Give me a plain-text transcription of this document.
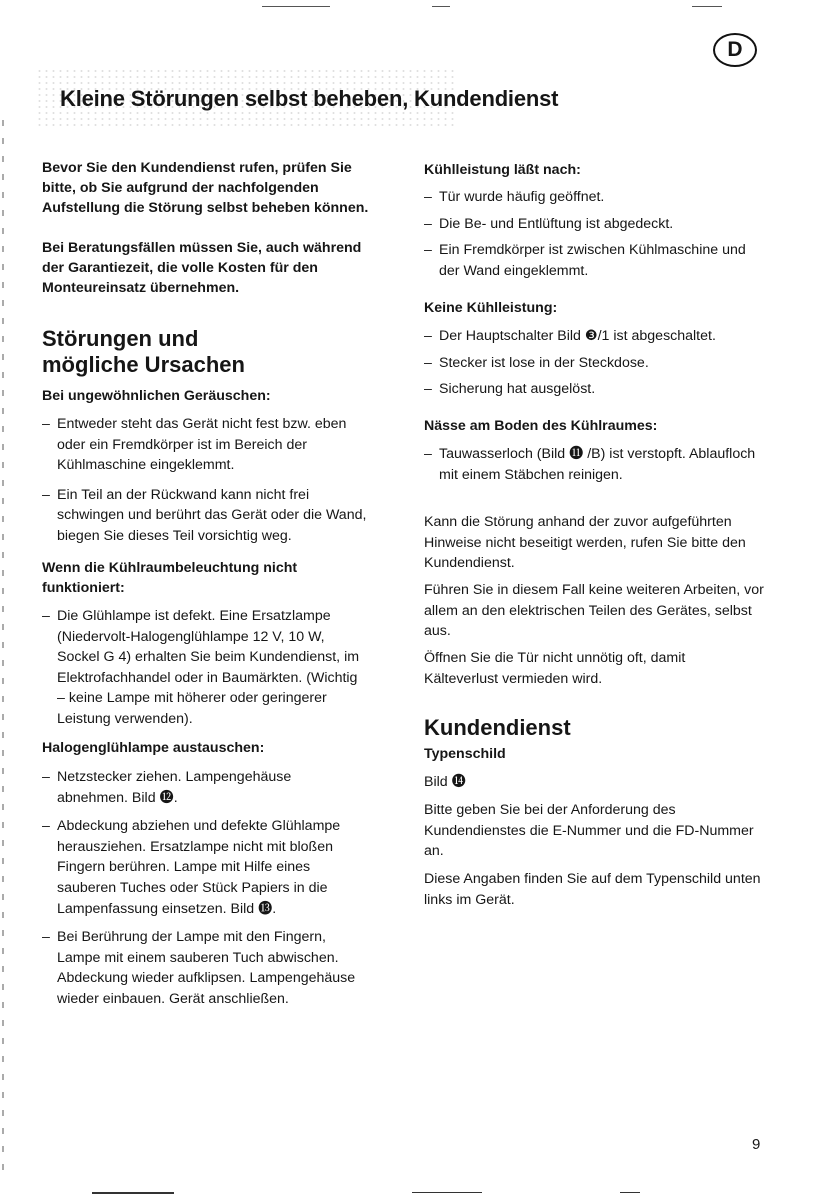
D
Kleine Störungen selbst beheben, Kundendienst

Bevor Sie den Kundendienst rufen, prüfen Sie bitte, ob Sie aufgrund der nachfolgenden Aufstellung die Störung selbst beheben können.

Bei Beratungsfällen müssen Sie, auch während der Garantiezeit, die volle Kosten für den Monteureinsatz übernehmen.

Störungen und mögliche Ursachen
Bei ungewöhnlichen Geräuschen:
– Entweder steht das Gerät nicht fest bzw. eben oder ein Fremdkörper ist im Bereich der Kühlmaschine eingeklemmt.
– Ein Teil an der Rückwand kann nicht frei schwingen und berührt das Gerät oder die Wand, biegen Sie dieses Teil vorsichtig weg.
Wenn die Kühlraumbeleuchtung nicht funktioniert:
– Die Glühlampe ist defekt. Eine Ersatzlampe (Niedervolt-Halogenglühlampe 12 V, 10 W, Sockel G 4) erhalten Sie beim Kundendienst, im Elektrofachhandel oder in Baumärkten. (Wichtig – keine Lampe mit höherer oder geringerer Leistung verwenden).
Halogenglühlampe austauschen:
– Netzstecker ziehen. Lampengehäuse abnehmen. Bild ⓬.
– Abdeckung abziehen und defekte Glühlampe herausziehen. Ersatzlampe nicht mit bloßen Fingern berühren. Lampe mit Hilfe eines sauberen Tuches oder Stück Papiers in die Lampenfassung einsetzen. Bild ⓭.
– Bei Berührung der Lampe mit den Fingern, Lampe mit einem sauberen Tuch abwischen. Abdeckung wieder aufklipsen. Lampengehäuse wieder einbauen. Gerät anschließen.
Kühlleistung läßt nach:
– Tür wurde häufig geöffnet.
– Die Be- und Entlüftung ist abgedeckt.
– Ein Fremdkörper ist zwischen Kühlmaschine und der Wand eingeklemmt.
Keine Kühlleistung:
– Der Hauptschalter Bild ❸/1 ist abgeschaltet.
– Stecker ist lose in der Steckdose.
– Sicherung hat ausgelöst.
Nässe am Boden des Kühlraumes:
– Tauwasserloch (Bild ⓫ /B) ist verstopft. Ablaufloch mit einem Stäbchen reinigen.

Kann die Störung anhand der zuvor aufgeführten Hinweise nicht beseitigt werden, rufen Sie bitte den Kundendienst.

Führen Sie in diesem Fall keine weiteren Arbeiten, vor allem an den elektrischen Teilen des Gerätes, selbst aus.

Öffnen Sie die Tür nicht unnötig oft, damit Kälteverlust vermieden wird.

Kundendienst
Typenschild

Bild ⓮

Bitte geben Sie bei der Anforderung des Kundendienstes die E-Nummer und die FD-Nummer an.

Diese Angaben finden Sie auf dem Typenschild unten links im Gerät.

9
